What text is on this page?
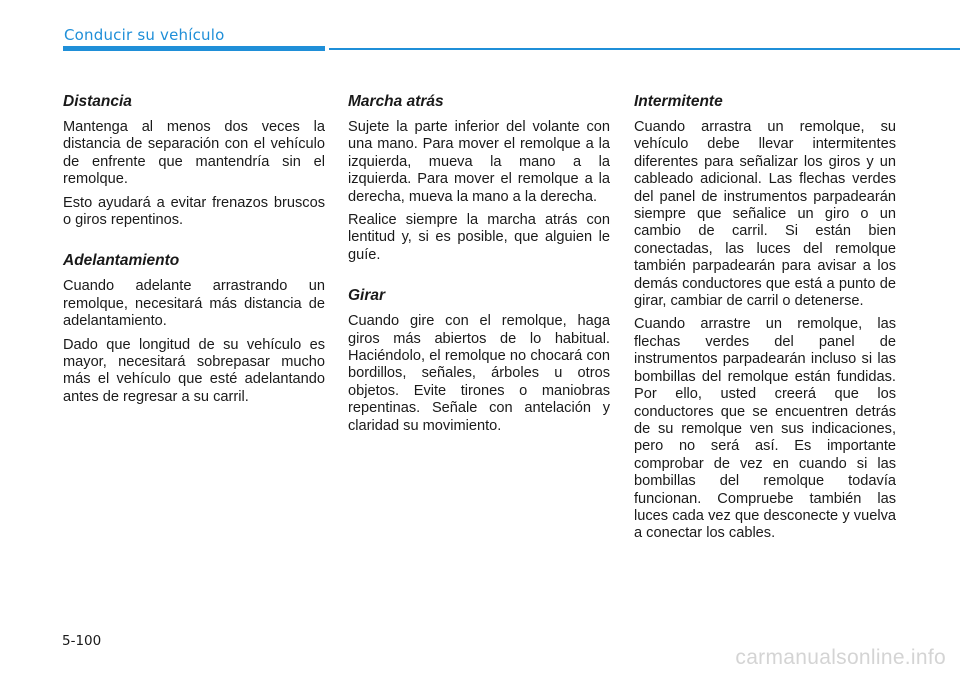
Conducir su vehículo
Distancia

Mantenga al menos dos veces la distancia de separación con el vehículo de enfrente que mantendría sin el remolque.

Esto ayudará a evitar frenazos bruscos o giros repentinos.

Adelantamiento

Cuando adelante arrastrando un remolque, necesitará más distancia de adelantamiento.

Dado que longitud de su vehículo es mayor, necesitará sobrepasar mucho más el vehículo que esté adelantando antes de regresar a su carril.

Marcha atrás

Sujete la parte inferior del volante con una mano. Para mover el remolque a la izquierda, mueva la mano a la izquierda. Para mover el remolque a la derecha, mueva la mano a la derecha.

Realice siempre la marcha atrás con lentitud y, si es posible, que alguien le guíe.

Girar

Cuando gire con el remolque, haga giros más abiertos de lo habitual. Haciéndolo, el remolque no chocará con bordillos, señales, árboles u otros objetos. Evite tirones o maniobras repentinas. Señale con antelación y claridad su movimiento.

Intermitente

Cuando arrastra un remolque, su vehículo debe llevar intermitentes diferentes para señalizar los giros y un cableado adicional. Las flechas verdes del panel de instrumentos parpadearán siempre que señalice un giro o un cambio de carril. Si están bien conectadas, las luces del remolque también parpadearán para avisar a los demás conductores que está a punto de girar, cambiar de carril o detenerse.

Cuando arrastre un remolque, las flechas verdes del panel de instrumentos parpadearán incluso si las bombillas del remolque están fundidas. Por ello, usted creerá que los conductores que se encuentren detrás de su remolque ven sus indicaciones, pero no será así. Es importante comprobar de vez en cuando si las bombillas del remolque todavía funcionan. Compruebe también las luces cada vez que desconecte y vuelva a conectar los cables.

5-100
carmanualsonline.info
